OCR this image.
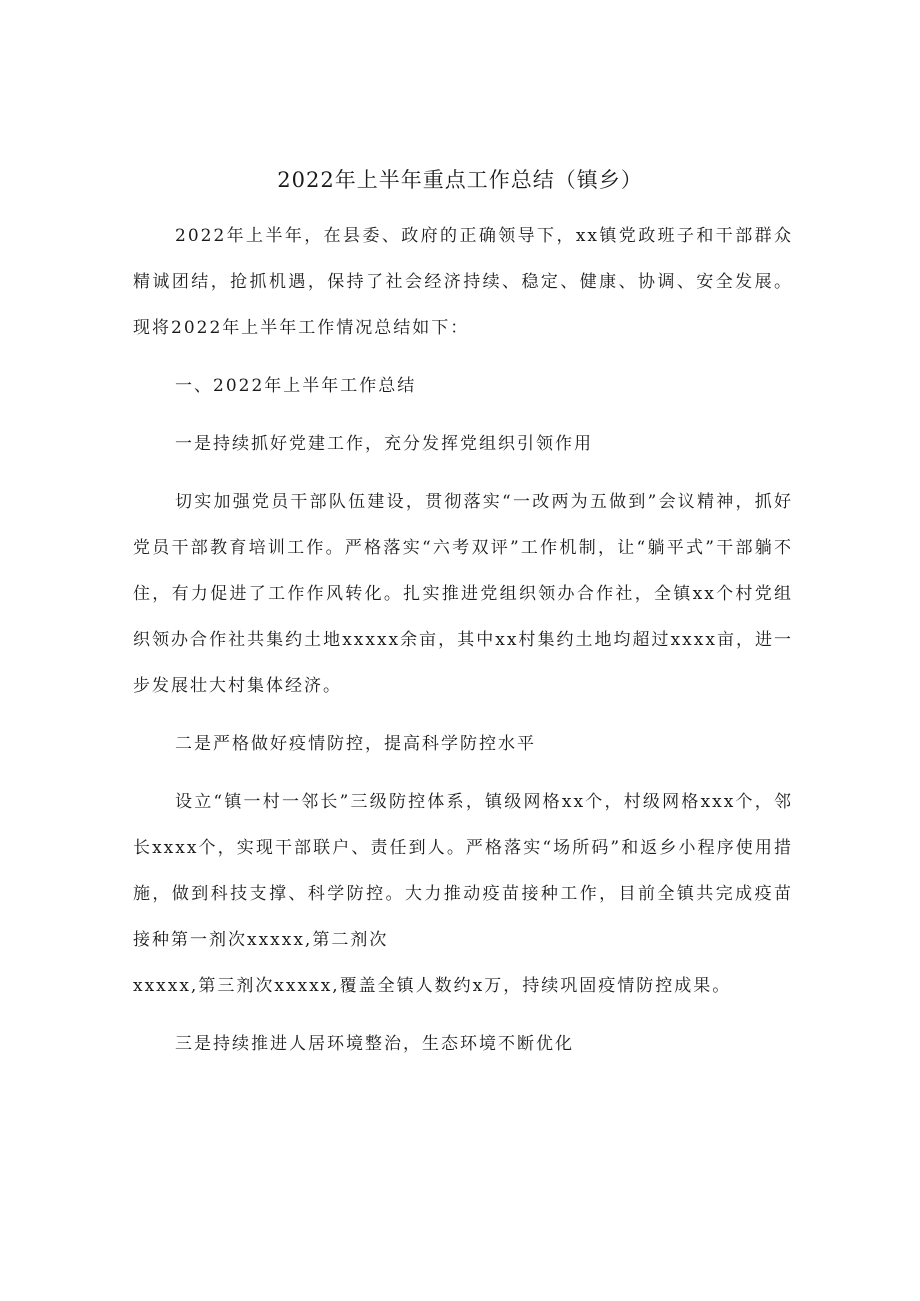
2022年上半年重点工作总结（镇乡）

2022年上半年，在县委、政府的正确领导下，xx镇党政班子和干部群众精诚团结，抢抓机遇，保持了社会经济持续、稳定、健康、协调、安全发展。现将2022年上半年工作情况总结如下：

一、2022年上半年工作总结

一是持续抓好党建工作，充分发挥党组织引领作用

切实加强党员干部队伍建设，贯彻落实“一改两为五做到”会议精神，抓好党员干部教育培训工作。严格落实“六考双评”工作机制，让“躺平式”干部躺不住，有力促进了工作作风转化。扎实推进党组织领办合作社，全镇xx个村党组织领办合作社共集约土地xxxxx余亩，其中xx村集约土地均超过xxxx亩，进一步发展壮大村集体经济。

二是严格做好疫情防控，提高科学防控水平

设立“镇一村一邻长”三级防控体系，镇级网格xx个，村级网格xxx个，邻长xxxx个，实现干部联户、责任到人。严格落实“场所码”和返乡小程序使用措施，做到科技支撑、科学防控。大力推动疫苗接种工作，目前全镇共完成疫苗接种第一剂次xxxxx,第二剂次

xxxxx,第三剂次xxxxx,覆盖全镇人数约x万，持续巩固疫情防控成果。

三是持续推进人居环境整治，生态环境不断优化
